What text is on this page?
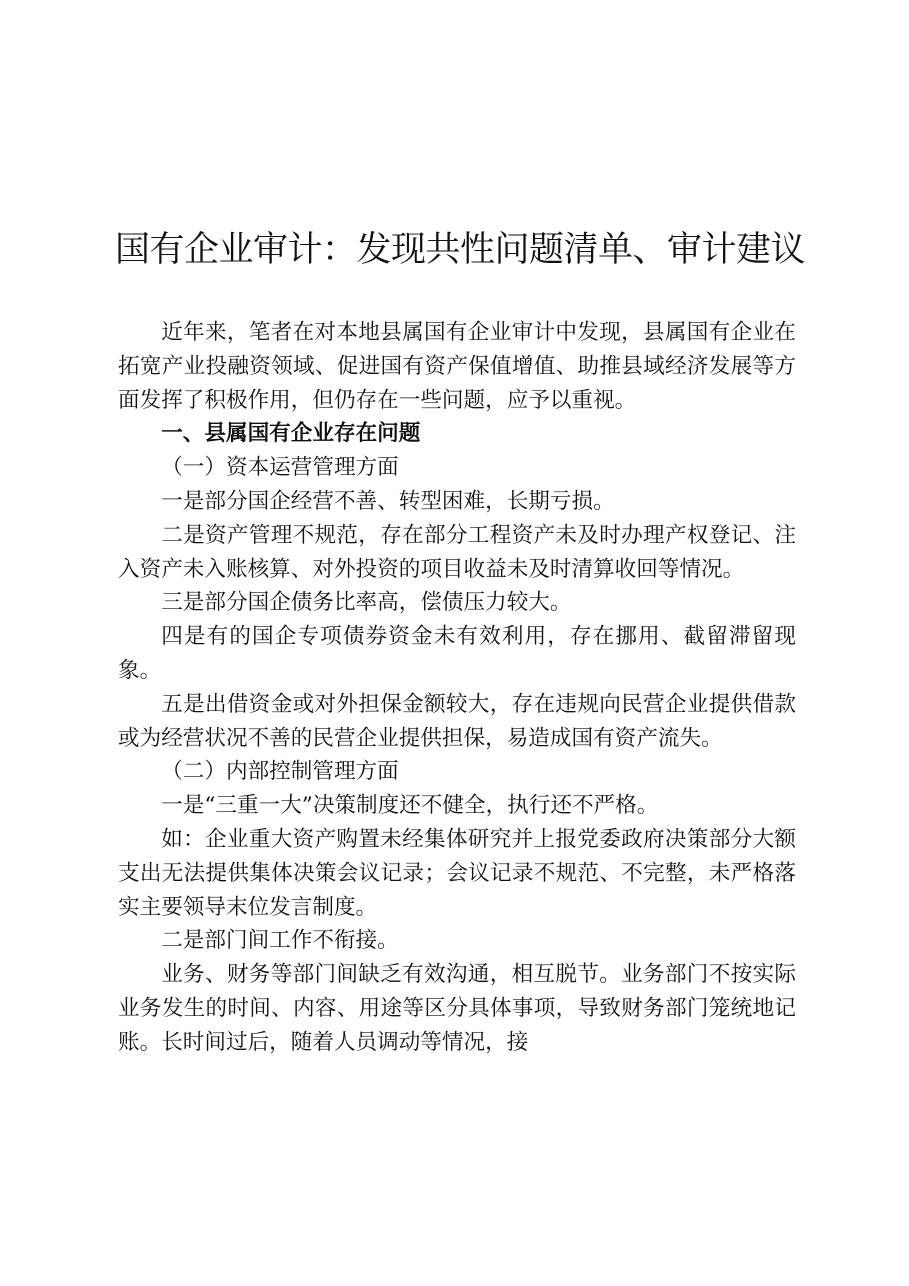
国有企业审计：发现共性问题清单、审计建议

近年来，笔者在对本地县属国有企业审计中发现，县属国有企业在拓宽产业投融资领域、促进国有资产保值增值、助推县域经济发展等方面发挥了积极作用，但仍存在一些问题，应予以重视。

一、县属国有企业存在问题

（一）资本运营管理方面

一是部分国企经营不善、转型困难，长期亏损。

二是资产管理不规范，存在部分工程资产未及时办理产权登记、注入资产未入账核算、对外投资的项目收益未及时清算收回等情况。

三是部分国企债务比率高，偿债压力较大。

四是有的国企专项债券资金未有效利用，存在挪用、截留滞留现象。

五是出借资金或对外担保金额较大，存在违规向民营企业提供借款或为经营状况不善的民营企业提供担保，易造成国有资产流失。

（二）内部控制管理方面

一是“三重一大”决策制度还不健全，执行还不严格。

如：企业重大资产购置未经集体研究并上报党委政府决策部分大额支出无法提供集体决策会议记录；会议记录不规范、不完整，未严格落实主要领导末位发言制度。

二是部门间工作不衔接。

业务、财务等部门间缺乏有效沟通，相互脱节。业务部门不按实际业务发生的时间、内容、用途等区分具体事项，导致财务部门笼统地记账。长时间过后，随着人员调动等情况，接
